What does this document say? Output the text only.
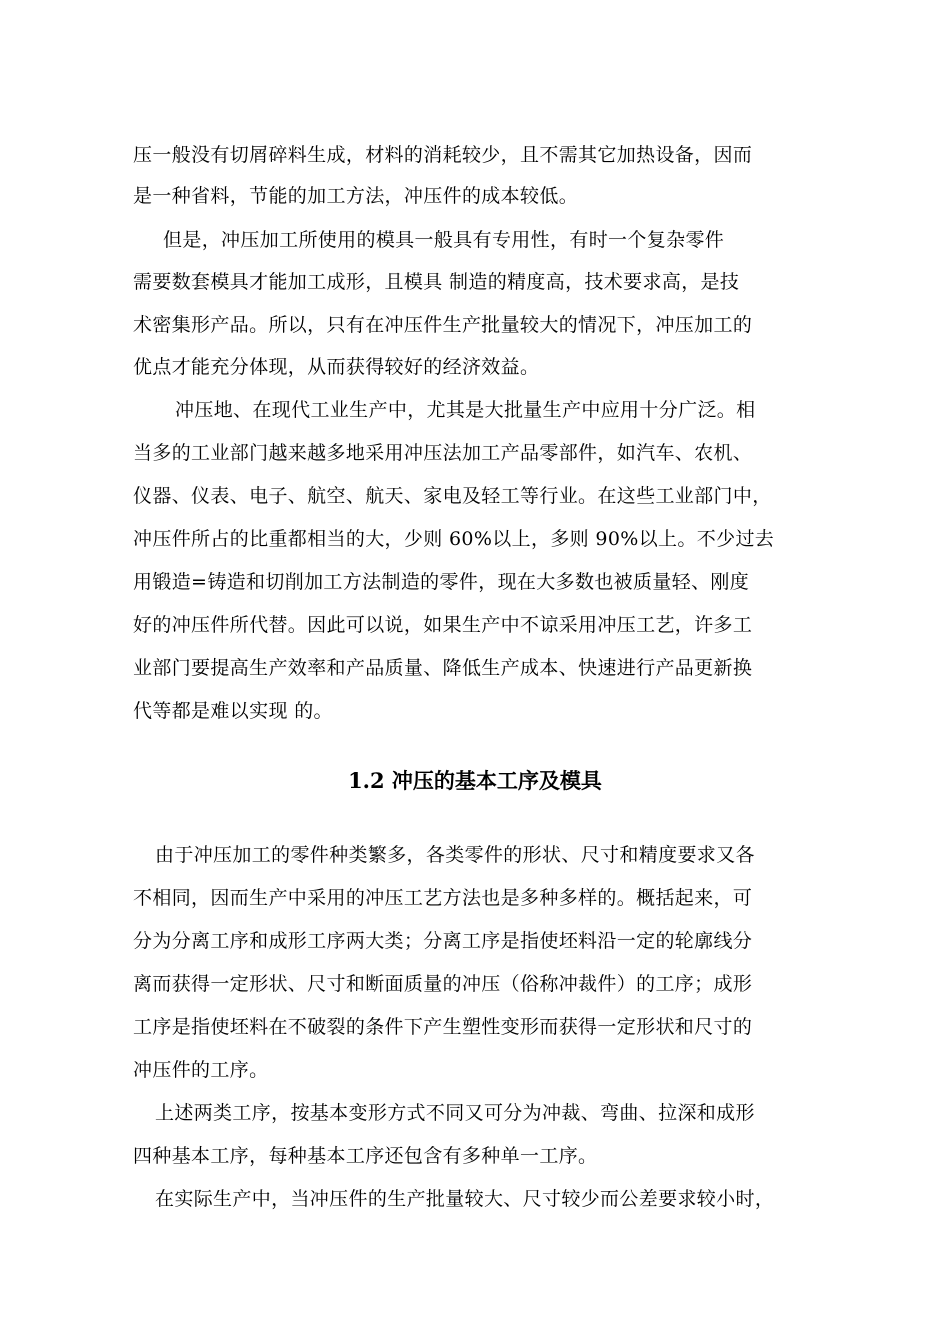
压一般没有切屑碎料生成，材料的消耗较少，且不需其它加热设备，因而
是一种省料，节能的加工方法，冲压件的成本较低。
但是，冲压加工所使用的模具一般具有专用性，有时一个复杂零件
需要数套模具才能加工成形，且模具 制造的精度高，技术要求高，是技
术密集形产品。所以，只有在冲压件生产批量较大的情况下，冲压加工的
优点才能充分体现，从而获得较好的经济效益。
冲压地、在现代工业生产中，尤其是大批量生产中应用十分广泛。相
当多的工业部门越来越多地采用冲压法加工产品零部件，如汽车、农机、
仪器、仪表、电子、航空、航天、家电及轻工等行业。在这些工业部门中，
冲压件所占的比重都相当的大，少则 60%以上，多则 90%以上。不少过去
用锻造=铸造和切削加工方法制造的零件，现在大多数也被质量轻、刚度
好的冲压件所代替。因此可以说，如果生产中不谅采用冲压工艺，许多工
业部门要提高生产效率和产品质量、降低生产成本、快速进行产品更新换
代等都是难以实现 的。
1.2 冲压的基本工序及模具
由于冲压加工的零件种类繁多，各类零件的形状、尺寸和精度要求又各
不相同，因而生产中采用的冲压工艺方法也是多种多样的。概括起来，可
分为分离工序和成形工序两大类；分离工序是指使坯料沿一定的轮廓线分
离而获得一定形状、尺寸和断面质量的冲压（俗称冲裁件）的工序；成形
工序是指使坯料在不破裂的条件下产生塑性变形而获得一定形状和尺寸的
冲压件的工序。
上述两类工序，按基本变形方式不同又可分为冲裁、弯曲、拉深和成形
四种基本工序，每种基本工序还包含有多种单一工序。
在实际生产中，当冲压件的生产批量较大、尺寸较少而公差要求较小时，
